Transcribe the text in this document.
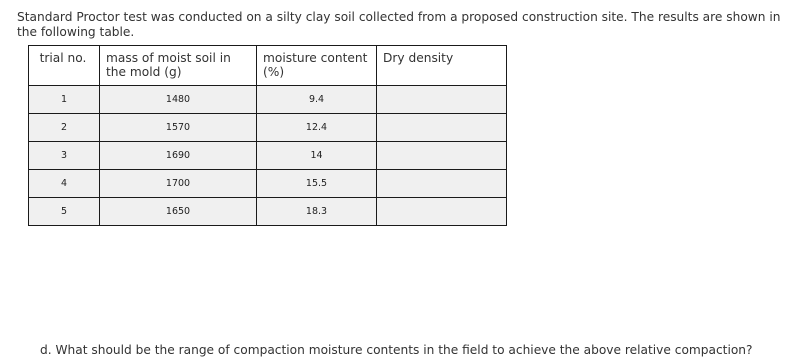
Standard Proctor test was conducted on a silty clay soil collected from a proposed construction site. The results are shown in the following table.
trial no.	mass of moist soil in the mold (g)	moisture content (%)	Dry density
1	1480	9.4	
2	1570	12.4	
3	1690	14	
4	1700	15.5	
5	1650	18.3	
d. What should be the range of compaction moisture contents in the field to achieve the above relative compaction?
